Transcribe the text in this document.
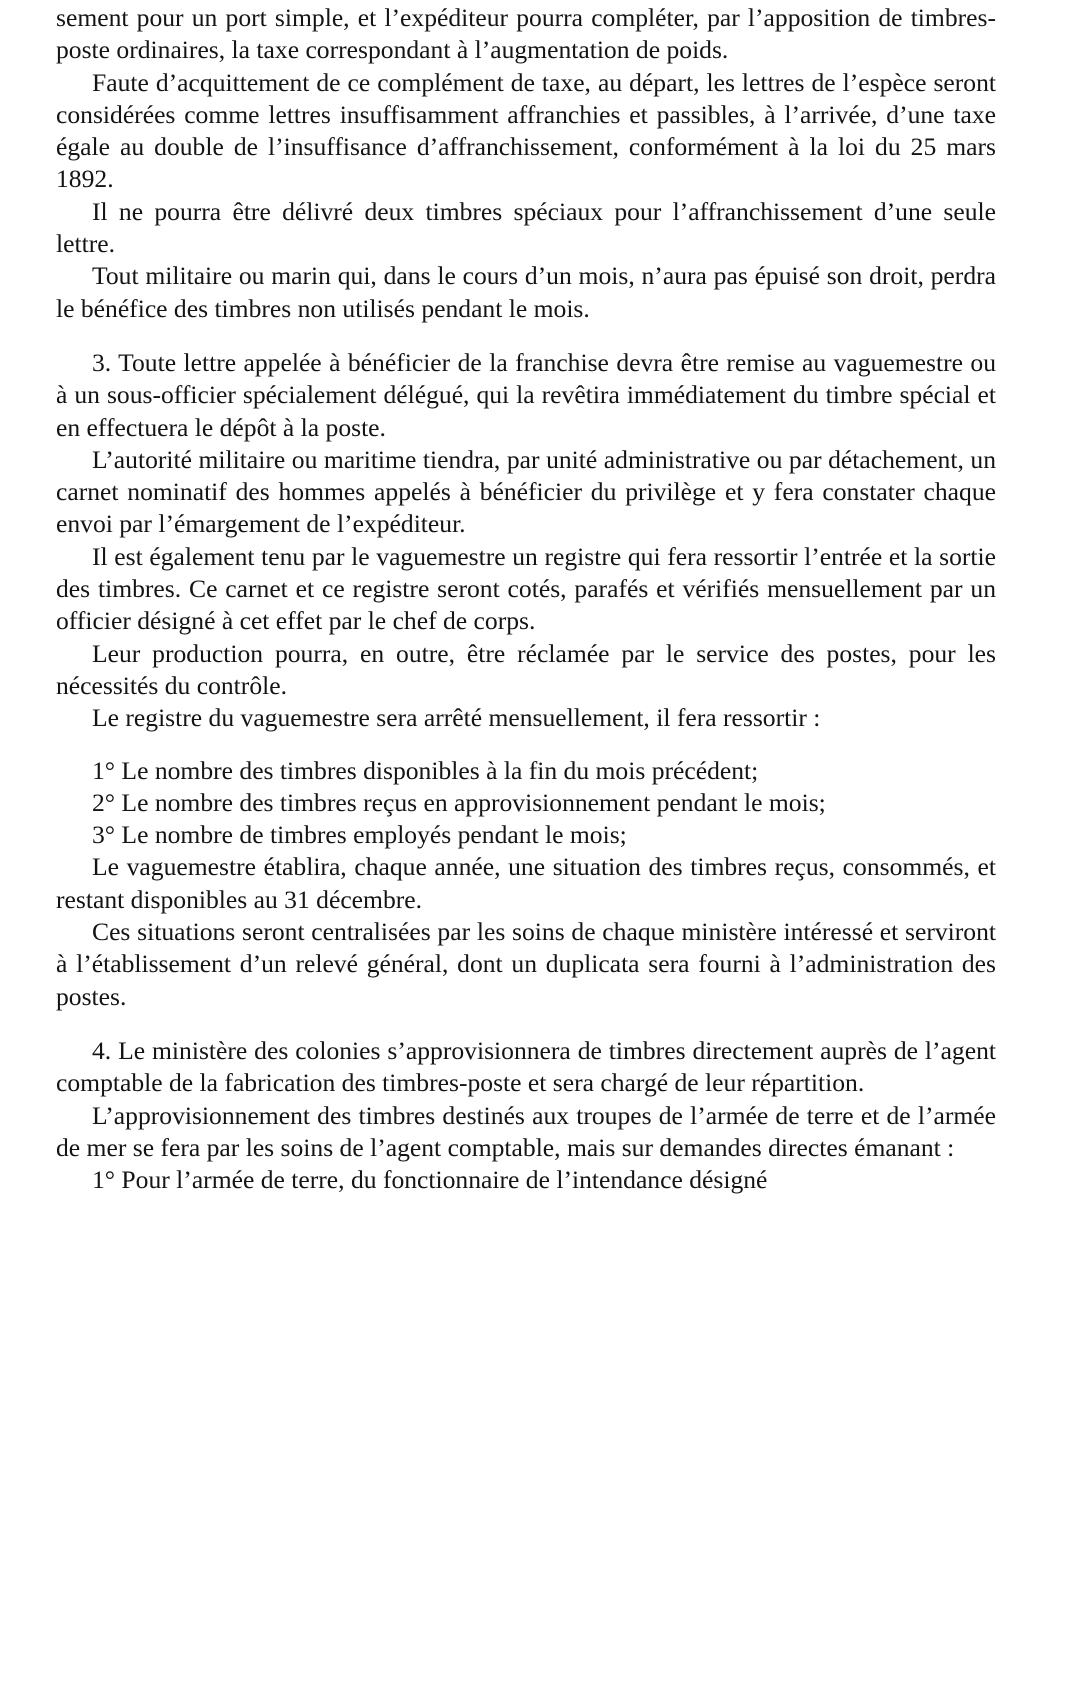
sement pour un port simple, et l’expéditeur pourra compléter, par l’apposition de timbres-poste ordinaires, la taxe correspondant à l’augmentation de poids.

Faute d’acquittement de ce complément de taxe, au départ, les lettres de l’espèce seront considérées comme lettres insuffisamment affranchies et passibles, à l’arrivée, d’une taxe égale au double de l’insuffisance d’affranchissement, conformément à la loi du 25 mars 1892.

Il ne pourra être délivré deux timbres spéciaux pour l’affranchissement d’une seule lettre.

Tout militaire ou marin qui, dans le cours d’un mois, n’aura pas épuisé son droit, perdra le bénéfice des timbres non utilisés pendant le mois.

3. Toute lettre appelée à bénéficier de la franchise devra être remise au vaguemestre ou à un sous-officier spécialement délégué, qui la revêtira immédiatement du timbre spécial et en effectuera le dépôt à la poste.

L’autorité militaire ou maritime tiendra, par unité administrative ou par détachement, un carnet nominatif des hommes appelés à bénéficier du privilège et y fera constater chaque envoi par l’émargement de l’expéditeur.

Il est également tenu par le vaguemestre un registre qui fera ressortir l’entrée et la sortie des timbres. Ce carnet et ce registre seront cotés, parafés et vérifiés mensuellement par un officier désigné à cet effet par le chef de corps.

Leur production pourra, en outre, être réclamée par le service des postes, pour les nécessités du contrôle.

Le registre du vaguemestre sera arrêté mensuellement, il fera ressortir :

1° Le nombre des timbres disponibles à la fin du mois précédent;

2° Le nombre des timbres reçus en approvisionnement pendant le mois;

3° Le nombre de timbres employés pendant le mois;

Le vaguemestre établira, chaque année, une situation des timbres reçus, consommés, et restant disponibles au 31 décembre.

Ces situations seront centralisées par les soins de chaque ministère intéressé et serviront à l’établissement d’un relevé général, dont un duplicata sera fourni à l’administration des postes.

4. Le ministère des colonies s’approvisionnera de timbres directement auprès de l’agent comptable de la fabrication des timbres-poste et sera chargé de leur répartition.

L’approvisionnement des timbres destinés aux troupes de l’armée de terre et de l’armée de mer se fera par les soins de l’agent comptable, mais sur demandes directes émanant :

1° Pour l’armée de terre, du fonctionnaire de l’intendance désigné
